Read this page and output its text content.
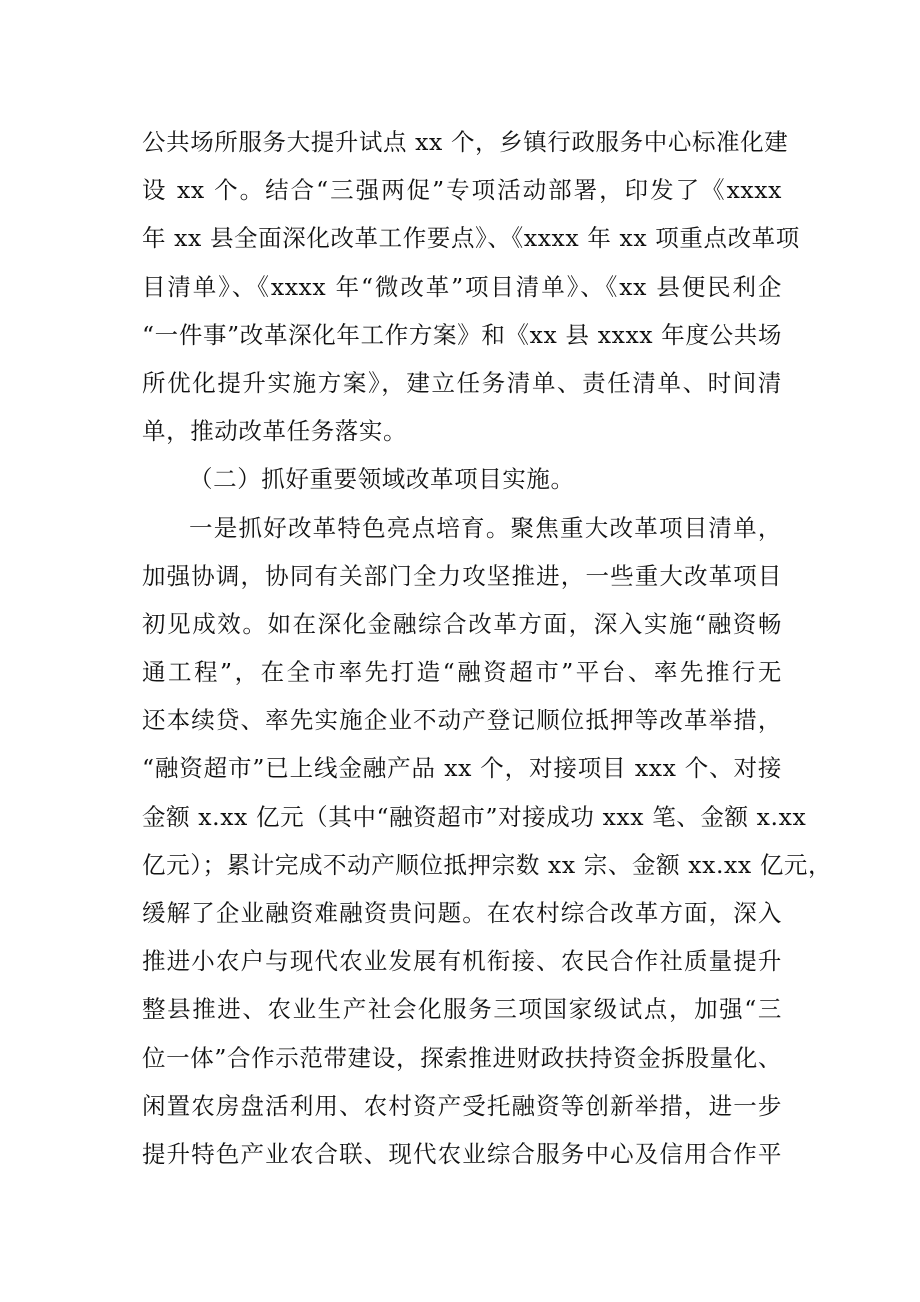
公共场所服务大提升试点 xx 个，乡镇行政服务中心标准化建
设 xx 个。结合“三强两促”专项活动部署，印发了《xxxx
年 xx 县全面深化改革工作要点》、《xxxx 年 xx 项重点改革项
目清单》、《xxxx 年“微改革”项目清单》、《xx 县便民利企
“一件事”改革深化年工作方案》和《xx 县 xxxx 年度公共场
所优化提升实施方案》，建立任务清单、责任清单、时间清
单，推动改革任务落实。
（二）抓好重要领域改革项目实施。
一是抓好改革特色亮点培育。聚焦重大改革项目清单，
加强协调，协同有关部门全力攻坚推进，一些重大改革项目
初见成效。如在深化金融综合改革方面，深入实施“融资畅
通工程”，在全市率先打造“融资超市”平台、率先推行无
还本续贷、率先实施企业不动产登记顺位抵押等改革举措，
“融资超市”已上线金融产品 xx 个，对接项目 xxx 个、对接
金额 x.xx 亿元（其中“融资超市”对接成功 xxx 笔、金额 x.xx
亿元）；累计完成不动产顺位抵押宗数 xx 宗、金额 xx.xx 亿元，
缓解了企业融资难融资贵问题。在农村综合改革方面，深入
推进小农户与现代农业发展有机衔接、农民合作社质量提升
整县推进、农业生产社会化服务三项国家级试点，加强“三
位一体”合作示范带建设，探索推进财政扶持资金拆股量化、
闲置农房盘活利用、农村资产受托融资等创新举措，进一步
提升特色产业农合联、现代农业综合服务中心及信用合作平
